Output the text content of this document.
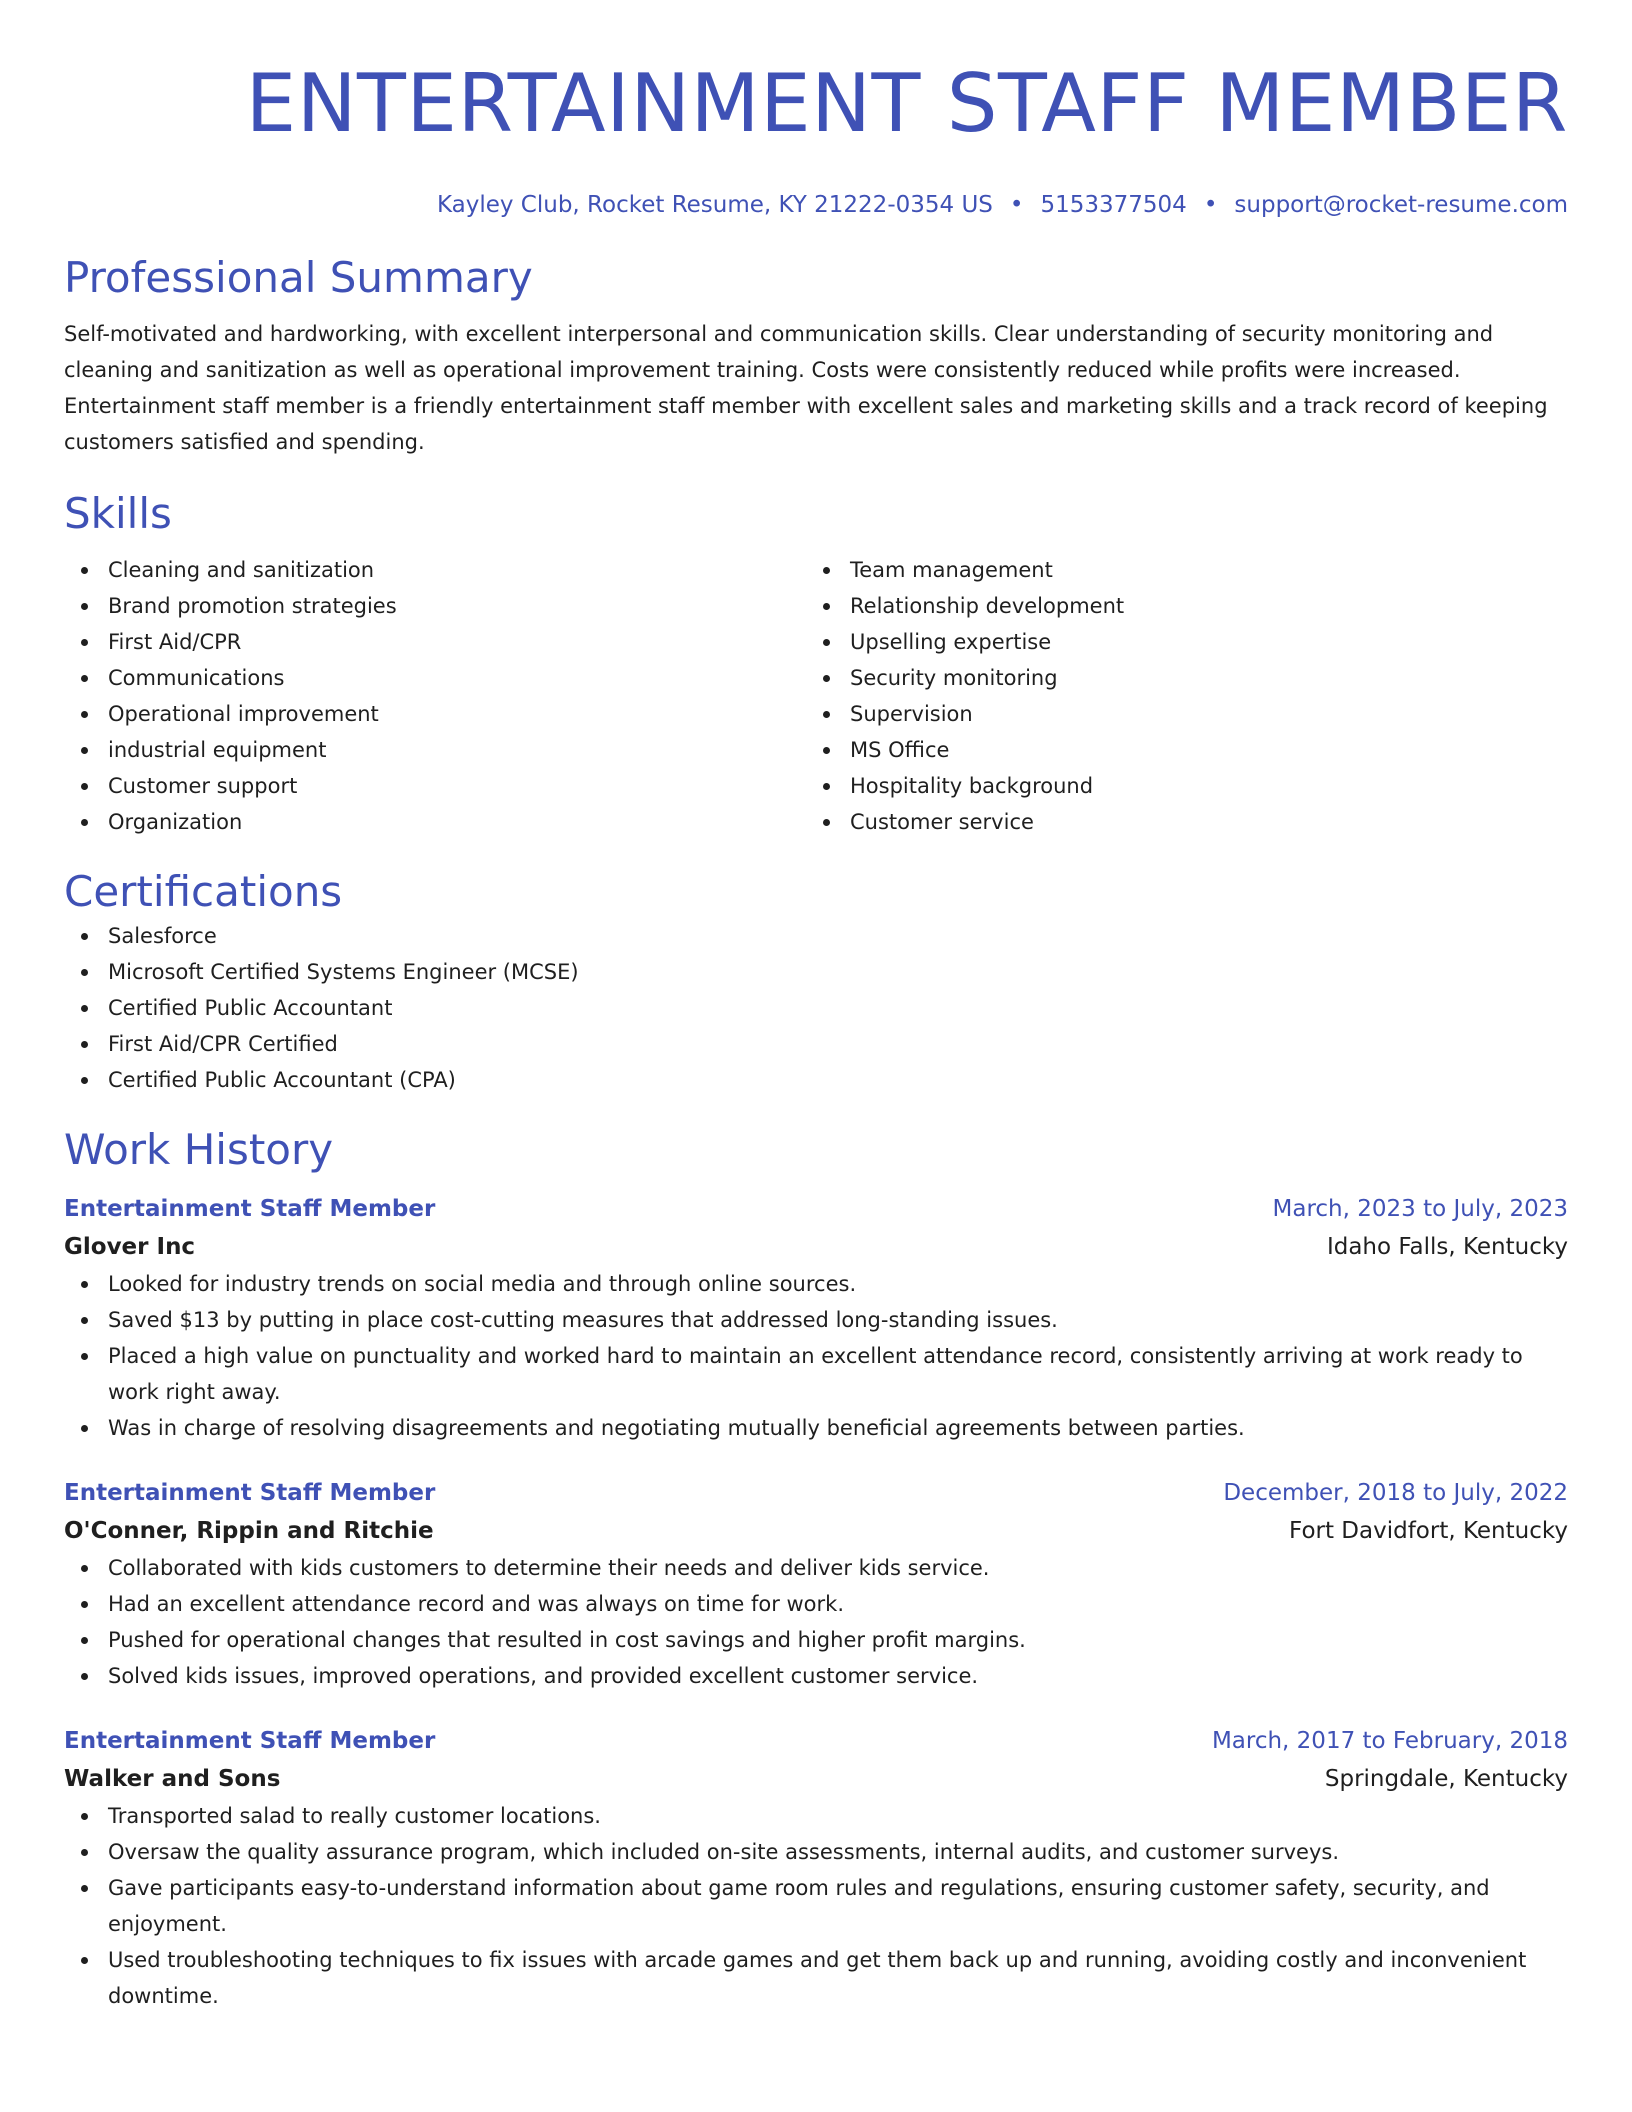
ENTERTAINMENT STAFF MEMBER
Kayley Club, Rocket Resume, KY 21222-0354 US • 5153377504 • support@rocket-resume.com
Professional Summary

Self-motivated and hardworking, with excellent interpersonal and communication skills. Clear understanding of security monitoring and cleaning and sanitization as well as operational improvement training. Costs were consistently reduced while profits were increased. Entertainment staff member is a friendly entertainment staff member with excellent sales and marketing skills and a track record of keeping customers satisfied and spending.

Skills
Cleaning and sanitization
Brand promotion strategies
First Aid/CPR
Communications
Operational improvement
industrial equipment
Customer support
Organization
Team management
Relationship development
Upselling expertise
Security monitoring
Supervision
MS Office
Hospitality background
Customer service
Certifications
Salesforce
Microsoft Certified Systems Engineer (MCSE)
Certified Public Accountant
First Aid/CPR Certified
Certified Public Accountant (CPA)
Work History
Entertainment Staff Member	March, 2023 to July, 2023
Glover Inc	Idaho Falls, Kentucky
Looked for industry trends on social media and through online sources.
Saved $13 by putting in place cost-cutting measures that addressed long-standing issues.
Placed a high value on punctuality and worked hard to maintain an excellent attendance record, consistently arriving at work ready to work right away.
Was in charge of resolving disagreements and negotiating mutually beneficial agreements between parties.
Entertainment Staff Member	December, 2018 to July, 2022
O'Conner, Rippin and Ritchie	Fort Davidfort, Kentucky
Collaborated with kids customers to determine their needs and deliver kids service.
Had an excellent attendance record and was always on time for work.
Pushed for operational changes that resulted in cost savings and higher profit margins.
Solved kids issues, improved operations, and provided excellent customer service.
Entertainment Staff Member	March, 2017 to February, 2018
Walker and Sons	Springdale, Kentucky
Transported salad to really customer locations.
Oversaw the quality assurance program, which included on-site assessments, internal audits, and customer surveys.
Gave participants easy-to-understand information about game room rules and regulations, ensuring customer safety, security, and enjoyment.
Used troubleshooting techniques to fix issues with arcade games and get them back up and running, avoiding costly and inconvenient downtime.
